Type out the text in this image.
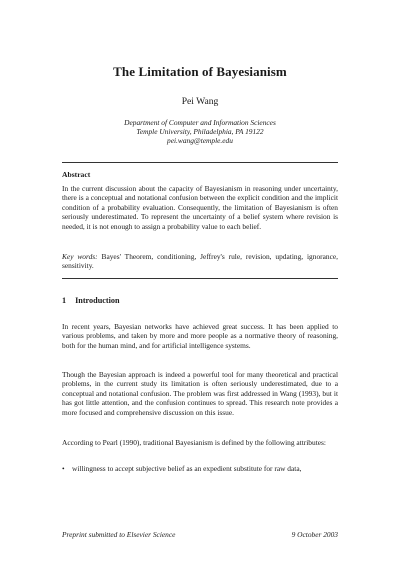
The Limitation of Bayesianism
Pei Wang
Department of Computer and Information Sciences
Temple University, Philadelphia, PA 19122
pei.wang@temple.edu
Abstract
In the current discussion about the capacity of Bayesianism in reasoning under uncertainty, there is a conceptual and notational confusion between the explicit condition and the implicit condition of a probability evaluation. Consequently, the limitation of Bayesianism is often seriously underestimated. To represent the uncertainty of a belief system where revision is needed, it is not enough to assign a probability value to each belief.
Key words: Bayes' Theorem, conditioning, Jeffrey's rule, revision, updating, ignorance, sensitivity.
1 Introduction
In recent years, Bayesian networks have achieved great success. It has been applied to various problems, and taken by more and more people as a normative theory of reasoning, both for the human mind, and for artificial intelligence systems.
Though the Bayesian approach is indeed a powerful tool for many theoretical and practical problems, in the current study its limitation is often seriously underestimated, due to a conceptual and notational confusion. The problem was first addressed in Wang (1993), but it has got little attention, and the confusion continues to spread. This research note provides a more focused and comprehensive discussion on this issue.
According to Pearl (1990), traditional Bayesianism is defined by the following attributes:
• willingness to accept subjective belief as an expedient substitute for raw data,
Preprint submitted to Elsevier Science	9 October 2003
